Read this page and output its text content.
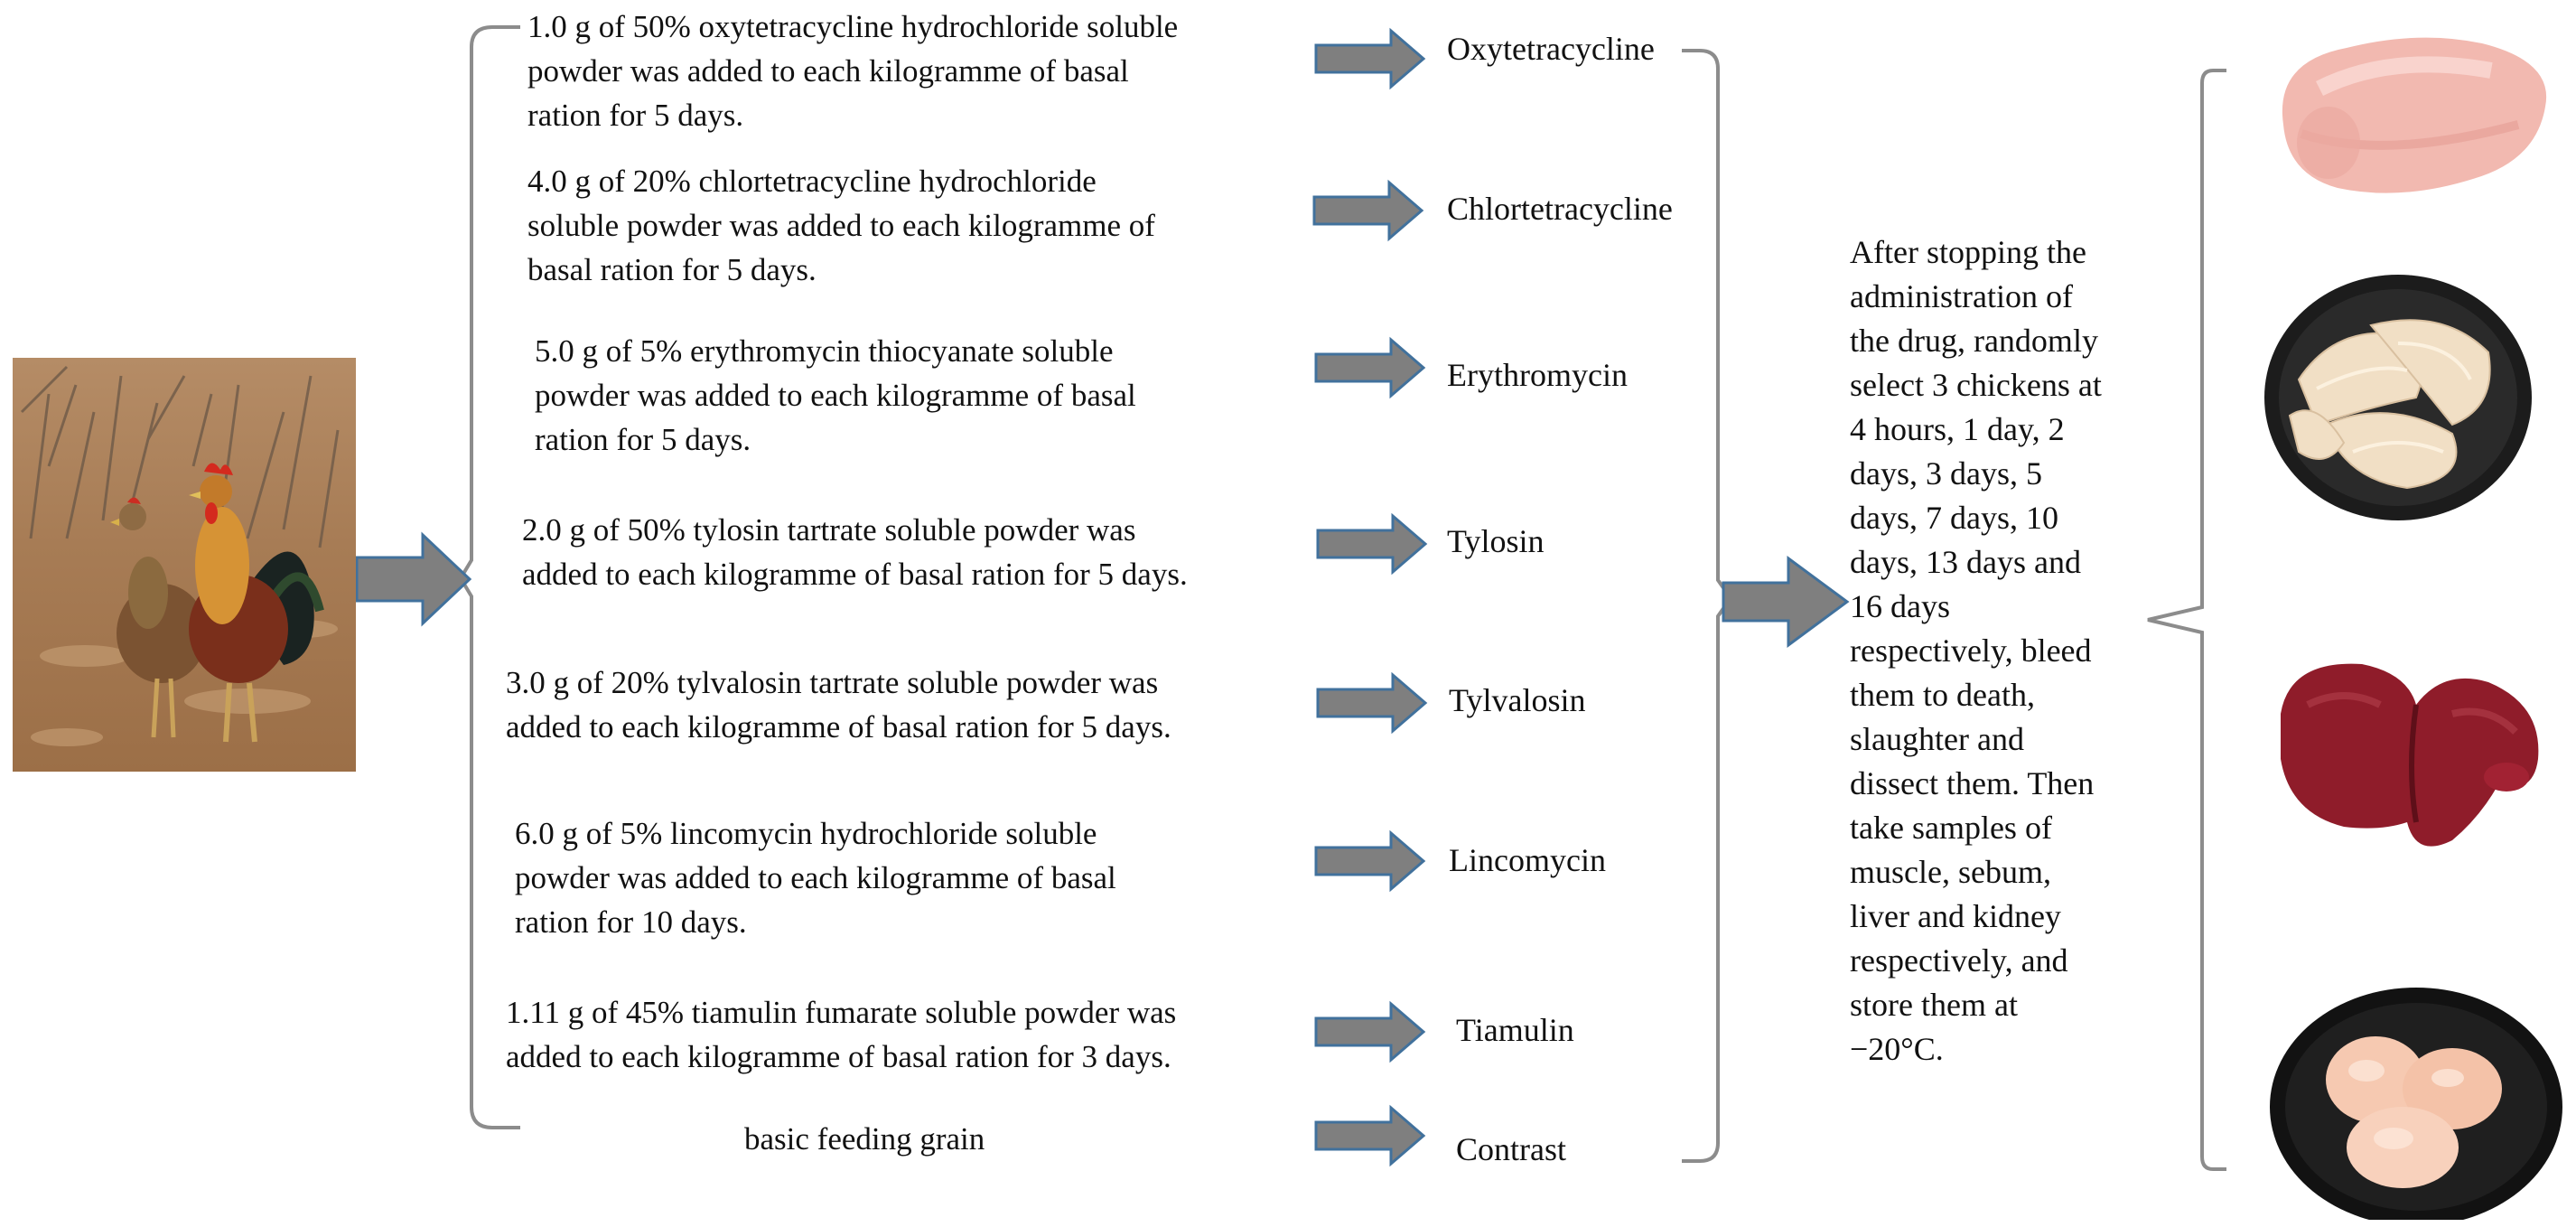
1.0 g of 50% oxytetracycline hydrochloride soluble
powder was added to each kilogramme of basal
ration for 5 days.
4.0 g of 20% chlortetracycline hydrochloride
soluble powder was added to each kilogramme of
basal ration for 5 days.
5.0 g of 5% erythromycin thiocyanate soluble
powder was added to each kilogramme of basal
ration for 5 days.
2.0 g of 50% tylosin tartrate soluble powder was
added to each kilogramme of basal ration for 5 days.
3.0 g of 20% tylvalosin tartrate soluble powder was
added to each kilogramme of basal ration for 5 days.
6.0 g of 5% lincomycin hydrochloride soluble
powder was added to each kilogramme of basal
ration for 10 days.
1.11 g of 45% tiamulin fumarate soluble powder was
added to each kilogramme of basal ration for 3 days.
basic feeding grain
Oxytetracycline
Chlortetracycline
Erythromycin
Tylosin
Tylvalosin
Lincomycin
Tiamulin
Contrast
After stopping the
administration of
the drug, randomly
select 3 chickens at
4 hours, 1 day, 2
days, 3 days, 5
days, 7 days, 10
days, 13 days and
16 days
respectively, bleed
them to death,
slaughter and
dissect them. Then
take samples of
muscle, sebum,
liver and kidney
respectively, and
store them at
−20°C.
